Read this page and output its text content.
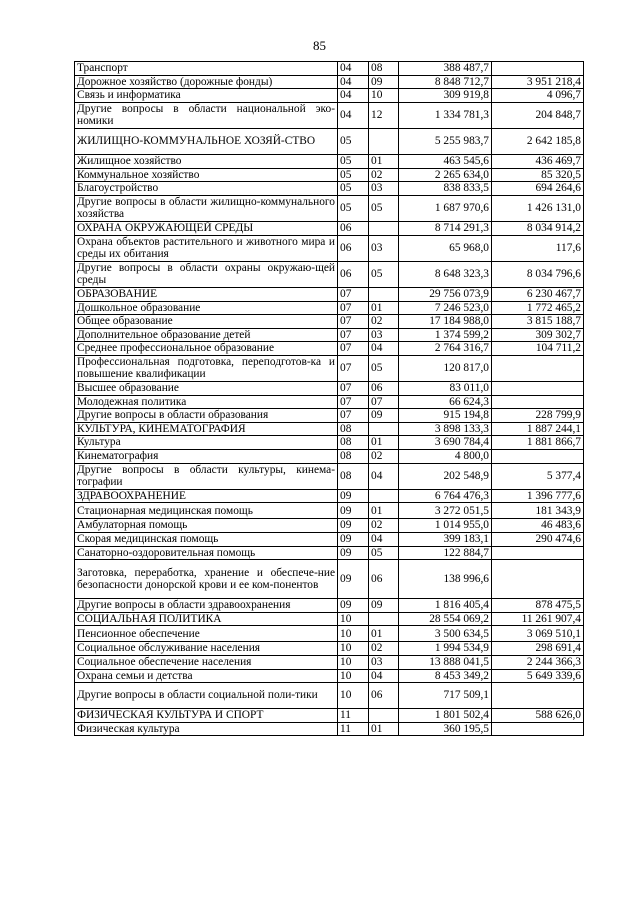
85
Транспорт	04	08	388 487,7	
Дорожное хозяйство (дорожные фонды)	04	09	8 848 712,7	3 951 218,4
Связь и информатика	04	10	309 919,8	4 096,7
Другие вопросы в области национальной эко-номики	04	12	1 334 781,3	204 848,7
ЖИЛИЩНО-КОММУНАЛЬНОЕ ХОЗЯЙ-СТВО	05		5 255 983,7	2 642 185,8
Жилищное хозяйство	05	01	463 545,6	436 469,7
Коммунальное хозяйство	05	02	2 265 634,0	85 320,5
Благоустройство	05	03	838 833,5	694 264,6
Другие вопросы в области жилищно-коммунального хозяйства	05	05	1 687 970,6	1 426 131,0
ОХРАНА ОКРУЖАЮЩЕЙ СРЕДЫ	06		8 714 291,3	8 034 914,2
Охрана объектов растительного и животного мира и среды их обитания	06	03	65 968,0	117,6
Другие вопросы в области охраны окружаю-щей среды	06	05	8 648 323,3	8 034 796,6
ОБРАЗОВАНИЕ	07		29 756 073,9	6 230 467,7
Дошкольное образование	07	01	7 246 523,0	1 772 465,2
Общее образование	07	02	17 184 988,0	3 815 188,7
Дополнительное образование детей	07	03	1 374 599,2	309 302,7
Среднее профессиональное образование	07	04	2 764 316,7	104 711,2
Профессиональная подготовка, переподготов-ка и повышение квалификации	07	05	120 817,0	
Высшее образование	07	06	83 011,0	
Молодежная политика	07	07	66 624,3	
Другие вопросы в области образования	07	09	915 194,8	228 799,9
КУЛЬТУРА, КИНЕМАТОГРАФИЯ	08		3 898 133,3	1 887 244,1
Культура	08	01	3 690 784,4	1 881 866,7
Кинематография	08	02	4 800,0	
Другие вопросы в области культуры, кинема-тографии	08	04	202 548,9	5 377,4
ЗДРАВООХРАНЕНИЕ	09		6 764 476,3	1 396 777,6
Стационарная медицинская помощь	09	01	3 272 051,5	181 343,9
Амбулаторная помощь	09	02	1 014 955,0	46 483,6
Скорая медицинская помощь	09	04	399 183,1	290 474,6
Санаторно-оздоровительная помощь	09	05	122 884,7	
Заготовка, переработка, хранение и обеспече-ние безопасности донорской крови и ее ком-понентов	09	06	138 996,6	
Другие вопросы в области здравоохранения	09	09	1 816 405,4	878 475,5
СОЦИАЛЬНАЯ ПОЛИТИКА	10		28 554 069,2	11 261 907,4
Пенсионное обеспечение	10	01	3 500 634,5	3 069 510,1
Социальное обслуживание населения	10	02	1 994 534,9	298 691,4
Социальное обеспечение населения	10	03	13 888 041,5	2 244 366,3
Охрана семьи и детства	10	04	8 453 349,2	5 649 339,6
Другие вопросы в области социальной поли-тики	10	06	717 509,1	
ФИЗИЧЕСКАЯ КУЛЬТУРА И СПОРТ	11		1 801 502,4	588 626,0
Физическая культура	11	01	360 195,5	
